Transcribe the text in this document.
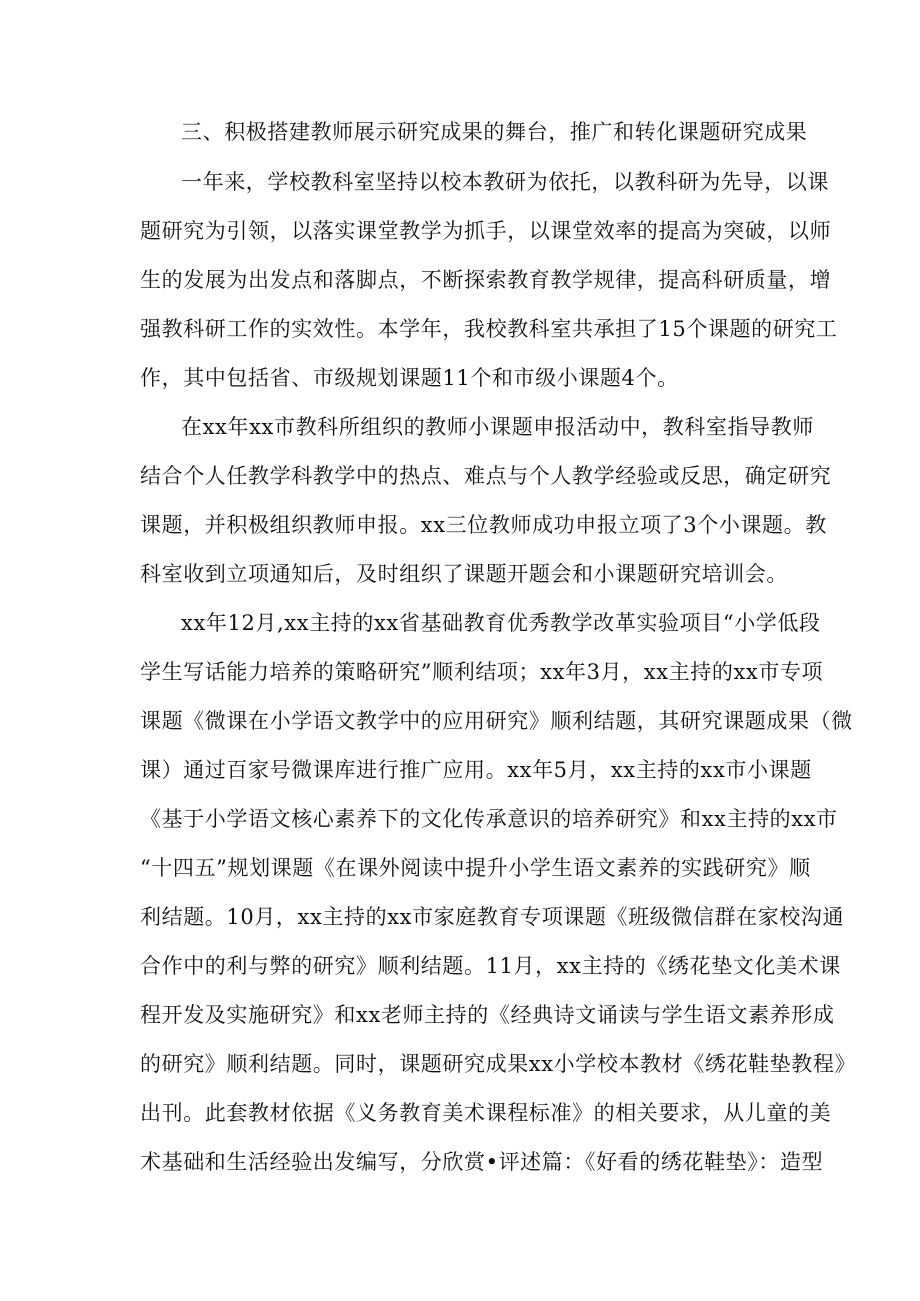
三、积极搭建教师展示研究成果的舞台，推广和转化课题研究成果
一年来，学校教科室坚持以校本教研为依托，以教科研为先导，以课
题研究为引领，以落实课堂教学为抓手，以课堂效率的提高为突破，以师
生的发展为出发点和落脚点，不断探索教育教学规律，提高科研质量，增
强教科研工作的实效性。本学年，我校教科室共承担了15个课题的研究工
作，其中包括省、市级规划课题11个和市级小课题4个。
在xx年xx市教科所组织的教师小课题申报活动中，教科室指导教师
结合个人任教学科教学中的热点、难点与个人教学经验或反思，确定研究
课题，并积极组织教师申报。xx三位教师成功申报立项了3个小课题。教
科室收到立项通知后，及时组织了课题开题会和小课题研究培训会。
xx年12月,xx主持的xx省基础教育优秀教学改革实验项目“小学低段
学生写话能力培养的策略研究”顺利结项；xx年3月，xx主持的xx市专项
课题《微课在小学语文教学中的应用研究》顺利结题，其研究课题成果（微
课）通过百家号微课库进行推广应用。xx年5月，xx主持的xx市小课题
《基于小学语文核心素养下的文化传承意识的培养研究》和xx主持的xx市
“十四五”规划课题《在课外阅读中提升小学生语文素养的实践研究》顺
利结题。10月，xx主持的xx市家庭教育专项课题《班级微信群在家校沟通
合作中的利与弊的研究》顺利结题。11月，xx主持的《绣花垫文化美术课
程开发及实施研究》和xx老师主持的《经典诗文诵读与学生语文素养形成
的研究》顺利结题。同时，课题研究成果xx小学校本教材《绣花鞋垫教程》
出刊。此套教材依据《义务教育美术课程标准》的相关要求，从儿童的美
术基础和生活经验出发编写，分欣赏•评述篇：《好看的绣花鞋垫》：造型
